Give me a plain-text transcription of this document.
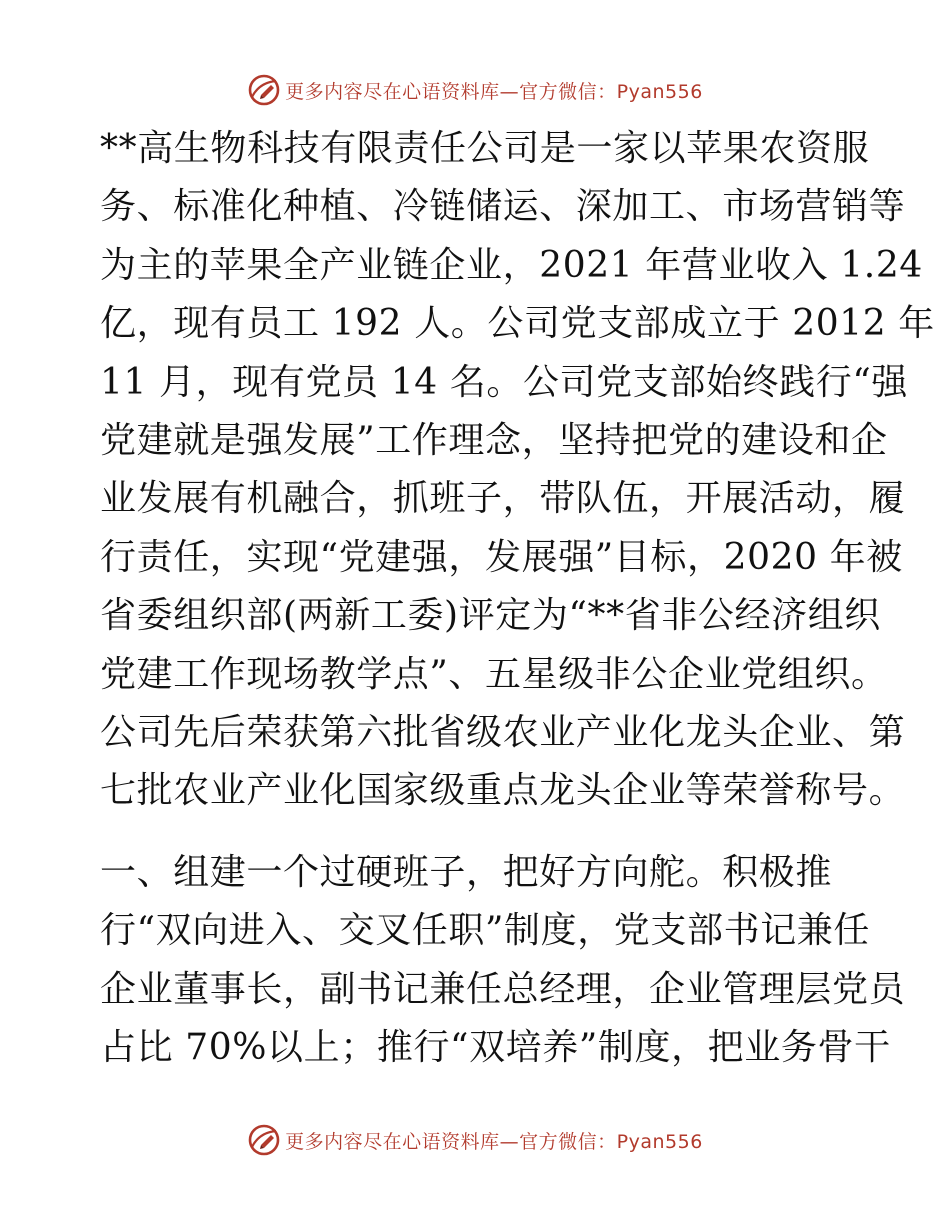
更多内容尽在心语资料库—官方微信：Pyan556

**高生物科技有限责任公司是一家以苹果农资服
务、标准化种植、冷链储运、深加工、市场营销等
为主的苹果全产业链企业，2021 年营业收入 1.24
亿，现有员工 192 人。公司党支部成立于 2012 年
11 月，现有党员 14 名。公司党支部始终践行“强
党建就是强发展”工作理念，坚持把党的建设和企
业发展有机融合，抓班子，带队伍，开展活动，履
行责任，实现“党建强，发展强”目标，2020 年被
省委组织部(两新工委)评定为“**省非公经济组织
党建工作现场教学点”、五星级非公企业党组织。
公司先后荣获第六批省级农业产业化龙头企业、第
七批农业产业化国家级重点龙头企业等荣誉称号。

一、组建一个过硬班子，把好方向舵。积极推
行“双向进入、交叉任职”制度，党支部书记兼任
企业董事长，副书记兼任总经理，企业管理层党员
占比 70%以上；推行“双培养”制度，把业务骨干

更多内容尽在心语资料库—官方微信：Pyan556
